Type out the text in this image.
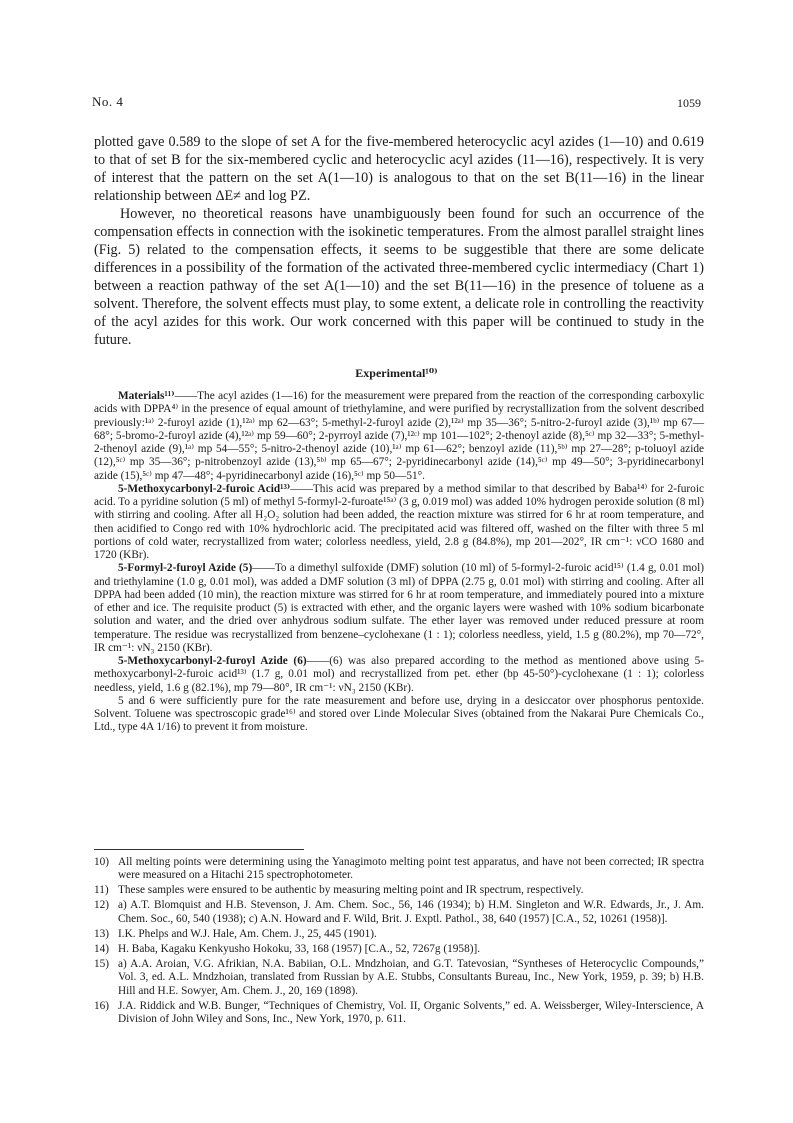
No. 4	1059

plotted gave 0.589 to the slope of set A for the five-membered heterocyclic acyl azides (1—10) and 0.619 to that of set B for the six-membered cyclic and heterocyclic acyl azides (11—16), respectively. It is very of interest that the pattern on the set A(1—10) is analogous to that on the set B(11—16) in the linear relationship between ΔE≠ and log PZ.

However, no theoretical reasons have unambiguously been found for such an occurrence of the compensation effects in connection with the isokinetic temperatures. From the almost parallel straight lines (Fig. 5) related to the compensation effects, it seems to be suggestible that there are some delicate differences in a possibility of the formation of the activated three-membered cyclic intermediacy (Chart 1) between a reaction pathway of the set A(1—10) and the set B(11—16) in the presence of toluene as a solvent. Therefore, the solvent effects must play, to some extent, a delicate role in controlling the reactivity of the acyl azides for this work. Our work concerned with this paper will be continued to study in the future.

Experimental¹⁰⁾

Materials¹¹⁾——The acyl azides (1—16) for the measurement were prepared from the reaction of the corresponding carboxylic acids with DPPA⁴⁾ in the presence of equal amount of triethylamine, and were purified by recrystallization from the solvent described previously:¹ᵃ⁾ 2-furoyl azide (1),¹²ᵃ⁾ mp 62—63°; 5-methyl-2-furoyl azide (2),¹²ᵃ⁾ mp 35—36°; 5-nitro-2-furoyl azide (3),¹ᵇ⁾ mp 67—68°; 5-bromo-2-furoyl azide (4),¹²ᵃ⁾ mp 59—60°; 2-pyrroyl azide (7),¹²ᶜ⁾ mp 101—102°; 2-thenoyl azide (8),⁵ᶜ⁾ mp 32—33°; 5-methyl-2-thenoyl azide (9),¹ᵃ⁾ mp 54—55°; 5-nitro-2-thenoyl azide (10),¹ᵃ⁾ mp 61—62°; benzoyl azide (11),⁵ᵇ⁾ mp 27—28°; p-toluoyl azide (12),⁵ᶜ⁾ mp 35—36°; p-nitrobenzoyl azide (13),⁵ᵇ⁾ mp 65—67°; 2-pyridinecarbonyl azide (14),⁵ᶜ⁾ mp 49—50°; 3-pyridinecarbonyl azide (15),⁵ᶜ⁾ mp 47—48°; 4-pyridinecarbonyl azide (16),⁵ᶜ⁾ mp 50—51°.

5-Methoxycarbonyl-2-furoic Acid¹³⁾——This acid was prepared by a method similar to that described by Baba¹⁴⁾ for 2-furoic acid. To a pyridine solution (5 ml) of methyl 5-formyl-2-furoate¹⁵ᵃ⁾ (3 g, 0.019 mol) was added 10% hydrogen peroxide solution (8 ml) with stirring and cooling. After all H₂O₂ solution had been added, the reaction mixture was stirred for 6 hr at room temperature, and then acidified to Congo red with 10% hydrochloric acid. The precipitated acid was filtered off, washed on the filter with three 5 ml portions of cold water, recrystallized from water; colorless needless, yield, 2.8 g (84.8%), mp 201—202°, IR cm⁻¹: νCO 1680 and 1720 (KBr).

5-Formyl-2-furoyl Azide (5)——To a dimethyl sulfoxide (DMF) solution (10 ml) of 5-formyl-2-furoic acid¹⁵⁾ (1.4 g, 0.01 mol) and triethylamine (1.0 g, 0.01 mol), was added a DMF solution (3 ml) of DPPA (2.75 g, 0.01 mol) with stirring and cooling. After all DPPA had been added (10 min), the reaction mixture was stirred for 6 hr at room temperature, and immediately poured into a mixture of ether and ice. The requisite product (5) is extracted with ether, and the organic layers were washed with 10% sodium bicarbonate solution and water, and the dried over anhydrous sodium sulfate. The ether layer was removed under reduced pressure at room temperature. The residue was recrystallized from benzene–cyclohexane (1 : 1); colorless needless, yield, 1.5 g (80.2%), mp 70—72°, IR cm⁻¹: νN₃ 2150 (KBr).

5-Methoxycarbonyl-2-furoyl Azide (6)——(6) was also prepared according to the method as mentioned above using 5-methoxycarbonyl-2-furoic acid¹³⁾ (1.7 g, 0.01 mol) and recrystallized from pet. ether (bp 45-50°)-cyclohexane (1 : 1); colorless needless, yield, 1.6 g (82.1%), mp 79—80°, IR cm⁻¹: νN₃ 2150 (KBr).

5 and 6 were sufficiently pure for the rate measurement and before use, drying in a desiccator over phosphorus pentoxide. Solvent. Toluene was spectroscopic grade¹⁶⁾ and stored over Linde Molecular Sives (obtained from the Nakarai Pure Chemicals Co., Ltd., type 4A 1/16) to prevent it from moisture.

10) All melting points were determining using the Yanagimoto melting point test apparatus, and have not been corrected; IR spectra were measured on a Hitachi 215 spectrophotometer.
11) These samples were ensured to be authentic by measuring melting point and IR spectrum, respectively.
12) a) A.T. Blomquist and H.B. Stevenson, J. Am. Chem. Soc., 56, 146 (1934); b) H.M. Singleton and W.R. Edwards, Jr., J. Am. Chem. Soc., 60, 540 (1938); c) A.N. Howard and F. Wild, Brit. J. Exptl. Pathol., 38, 640 (1957) [C.A., 52, 10261 (1958)].
13) I.K. Phelps and W.J. Hale, Am. Chem. J., 25, 445 (1901).
14) H. Baba, Kagaku Kenkyusho Hokoku, 33, 168 (1957) [C.A., 52, 7267g (1958)].
15) a) A.A. Aroian, V.G. Afrikian, N.A. Babiian, O.L. Mndzhoian, and G.T. Tatevosian, “Syntheses of Heterocyclic Compounds,” Vol. 3, ed. A.L. Mndzhoian, translated from Russian by A.E. Stubbs, Consultants Bureau, Inc., New York, 1959, p. 39; b) H.B. Hill and H.E. Sowyer, Am. Chem. J., 20, 169 (1898).
16) J.A. Riddick and W.B. Bunger, “Techniques of Chemistry, Vol. II, Organic Solvents,” ed. A. Weissberger, Wiley-Interscience, A Division of John Wiley and Sons, Inc., New York, 1970, p. 611.
